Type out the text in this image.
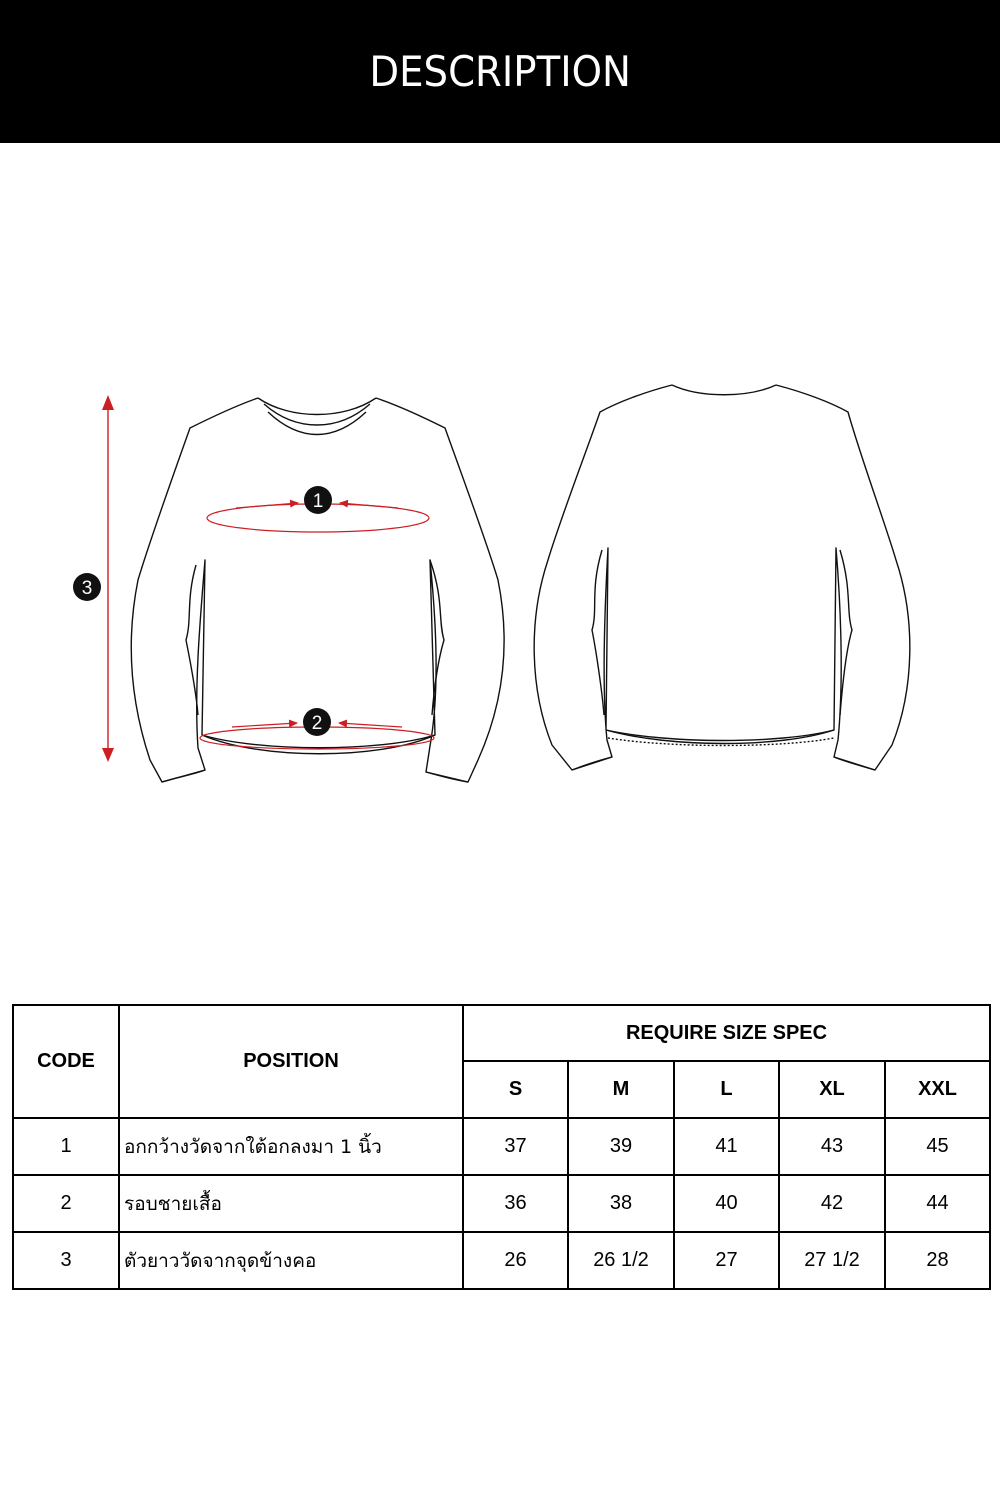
DESCRIPTION
1
2
3
CODE	POSITION	REQUIRE SIZE SPEC				
		S	M	L	XL	XXL
1	อกกว้างวัดจากใต้อกลงมา 1 นิ้ว	37	39	41	43	45
2	รอบชายเสื้อ	36	38	40	42	44
3	ตัวยาววัดจากจุดข้างคอ	26	26 1/2	27	27 1/2	28
